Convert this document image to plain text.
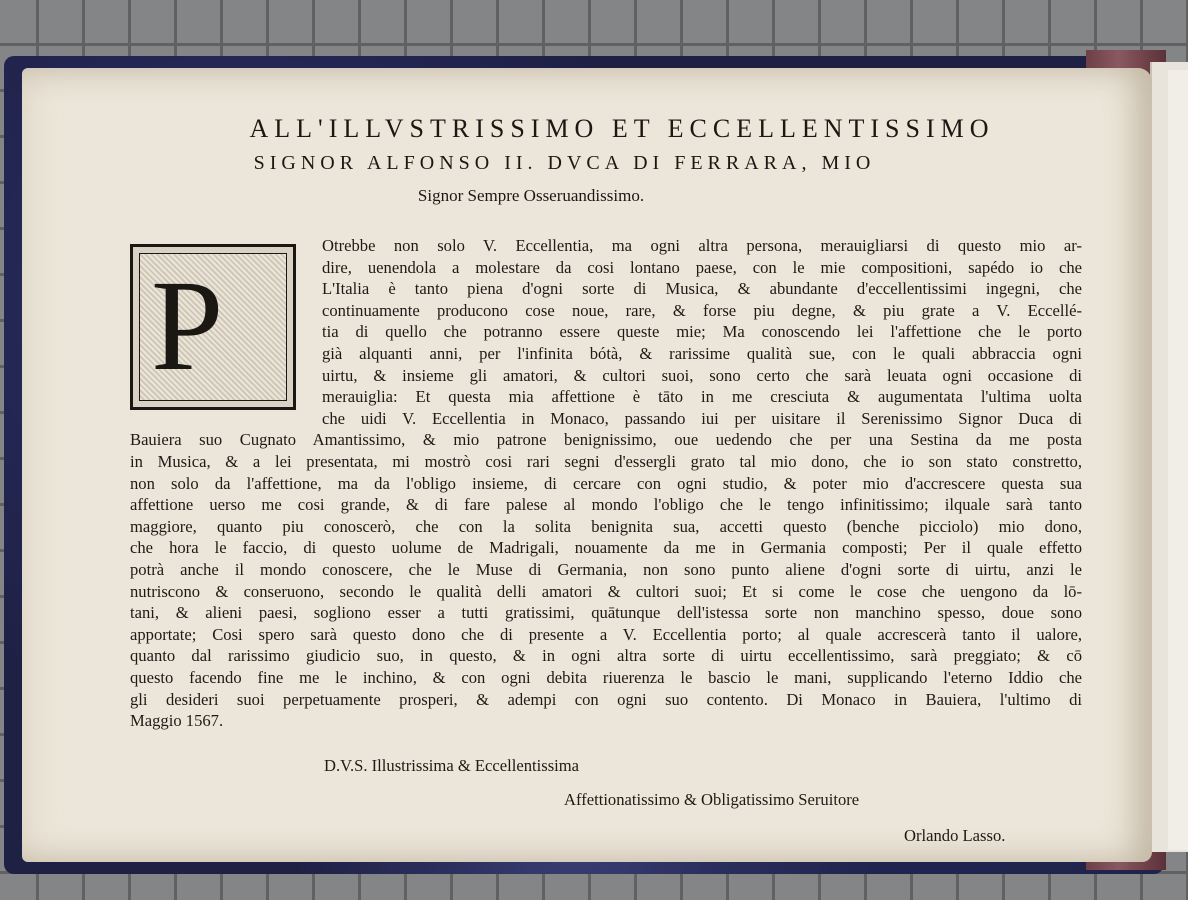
ALL'ILLVSTRISSIMO ET ECCELLENTISSIMO
SIGNOR ALFONSO II. DVCA DI FERRARA, MIO
Signor Sempre Osseruandissimo.
P
Otrebbe non solo V. Eccellentia, ma ogni altra persona, merauigliarsi di questo mio ar-
dire, uenendola a molestare da cosi lontano paese, con le mie compositioni, sapédo io che
L'Italia è tanto piena d'ogni sorte di Musica, & abundante d'eccellentissimi ingegni, che
continuamente producono cose noue, rare, & forse piu degne, & piu grate a V. Eccellé-
tia di quello che potranno essere queste mie; Ma conoscendo lei l'affettione che le porto
già alquanti anni, per l'infinita bótà, & rarissime qualità sue, con le quali abbraccia ogni
uirtu, & insieme gli amatori, & cultori suoi, sono certo che sarà leuata ogni occasione di
merauiglia: Et questa mia affettione è tāto in me cresciuta & augumentata l'ultima uolta
che uidi V. Eccellentia in Monaco, passando iui per uisitare il Serenissimo Signor Duca di
Bauiera suo Cugnato Amantissimo, & mio patrone benignissimo, oue uedendo che per una Sestina da me posta
in Musica, & a lei presentata, mi mostrò cosi rari segni d'essergli grato tal mio dono, che io son stato constretto,
non solo da l'affettione, ma da l'obligo insieme, di cercare con ogni studio, & poter mio d'accrescere questa sua
affettione uerso me cosi grande, & di fare palese al mondo l'obligo che le tengo infinitissimo; ilquale sarà tanto
maggiore, quanto piu conoscerò, che con la solita benignita sua, accetti questo (benche picciolo) mio dono,
che hora le faccio, di questo uolume de Madrigali, nouamente da me in Germania composti; Per il quale effetto
potrà anche il mondo conoscere, che le Muse di Germania, non sono punto aliene d'ogni sorte di uirtu, anzi le
nutriscono & conseruono, secondo le qualità delli amatori & cultori suoi; Et si come le cose che uengono da lō-
tani, & alieni paesi, sogliono esser a tutti gratissimi, quātunque dell'istessa sorte non manchino spesso, doue sono
apportate; Cosi spero sarà questo dono che di presente a V. Eccellentia porto; al quale accrescerà tanto il ualore,
quanto dal rarissimo giudicio suo, in questo, & in ogni altra sorte di uirtu eccellentissimo, sarà preggiato; & cō
questo facendo fine me le inchino, & con ogni debita riuerenza le bascio le mani, supplicando l'eterno Iddio che
gli desideri suoi perpetuamente prosperi, & adempi con ogni suo contento. Di Monaco in Bauiera, l'ultimo di
Maggio 1567.
D.V.S. Illustrissima & Eccellentissima
Affettionatissimo & Obligatissimo Seruitore
Orlando Lasso.
